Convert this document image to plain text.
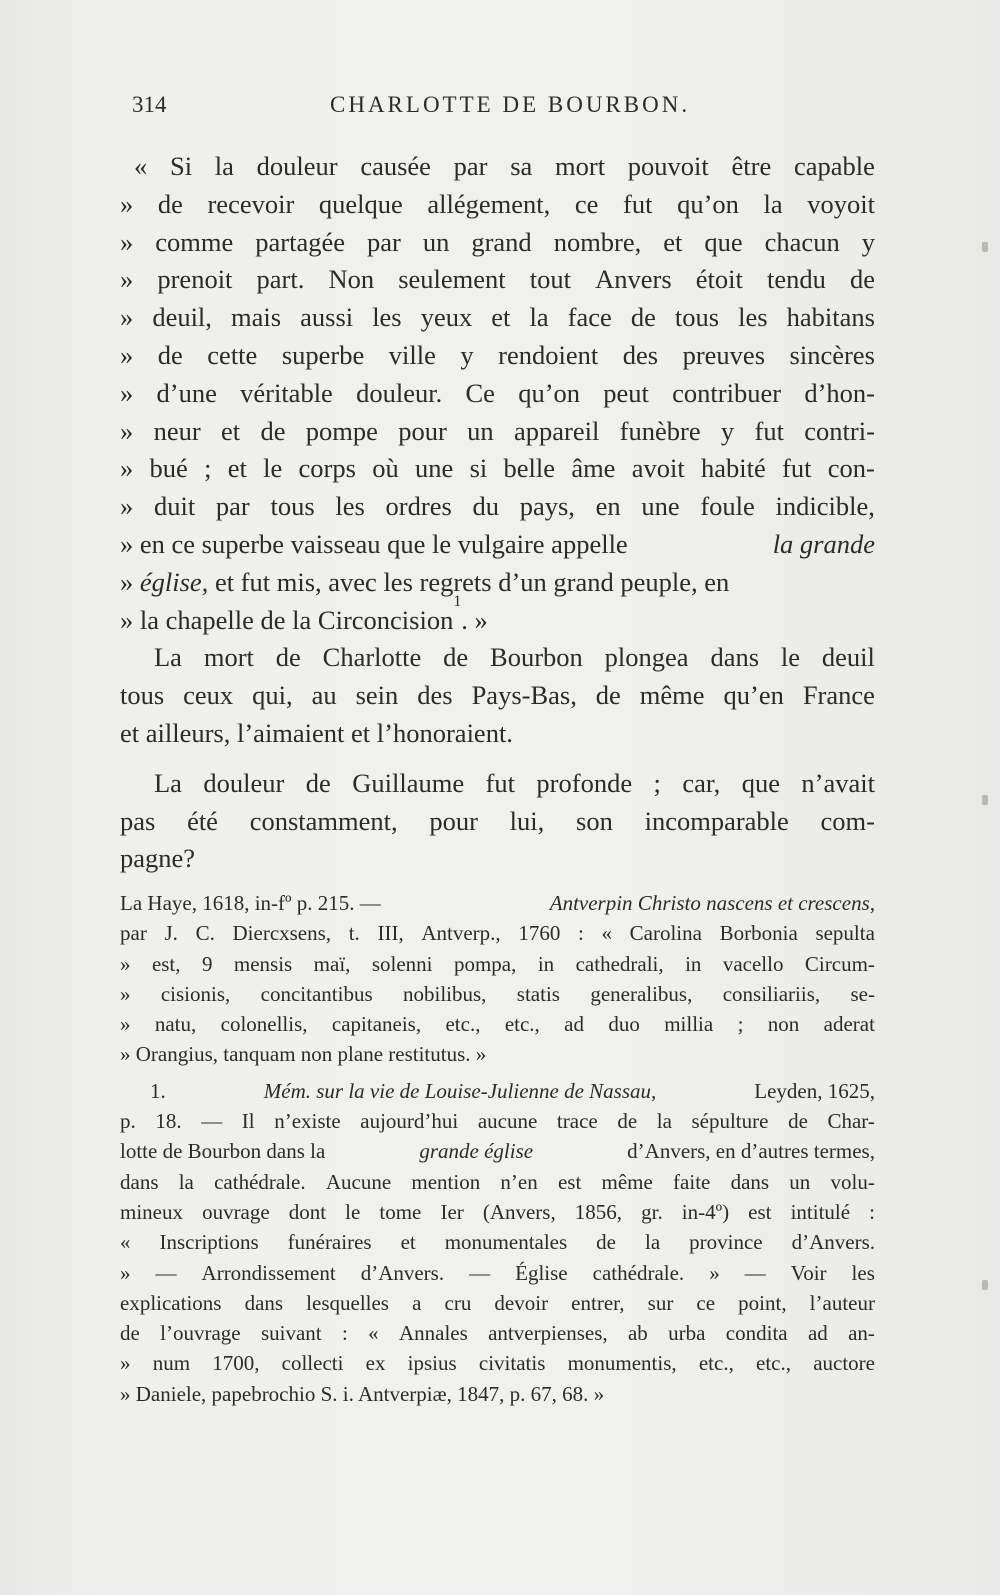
314	CHARLOTTE DE BOURBON.
« Si la douleur causée par sa mort pouvoit être capable
» de recevoir quelque allégement, ce fut qu’on la voyoit
» comme partagée par un grand nombre, et que chacun y
» prenoit part. Non seulement tout Anvers étoit tendu de
» deuil, mais aussi les yeux et la face de tous les habitans
» de cette superbe ville y rendoient des preuves sincères
» d’une véritable douleur. Ce qu’on peut contribuer d’hon-
» neur et de pompe pour un appareil funèbre y fut contri-
» bué ; et le corps où une si belle âme avoit habité fut con-
» duit par tous les ordres du pays, en une foule indicible,
» en ce superbe vaisseau que le vulgaire appelle	la grande
» église, et fut mis, avec les regrets d’un grand peuple, en
» la chapelle de la Circoncision
1
. »
La mort de Charlotte de Bourbon plongea dans le deuil
tous ceux qui, au sein des Pays-Bas, de même qu’en France
et ailleurs, l’aimaient et l’honoraient.
La douleur de Guillaume fut profonde ; car, que n’avait
pas été constamment, pour lui, son incomparable com-
pagne?
La Haye, 1618, in-fº p. 215. —	Antverpin Christo nascens et crescens,
par J. C. Diercxsens, t. III, Antverp., 1760 : « Carolina Borbonia sepulta
» est, 9 mensis maï, solenni pompa, in cathedrali, in vacello Circum-
» cisionis, concitantibus nobilibus, statis generalibus, consiliariis, se-
» natu, colonellis, capitaneis, etc., etc., ad duo millia ; non aderat
» Orangius, tanquam non plane restitutus. »
1.	Mém. sur la vie de Louise-Julienne de Nassau,	Leyden, 1625,
p. 18. — Il n’existe aujourd’hui aucune trace de la sépulture de Char-
lotte de Bourbon dans la	grande église	d’Anvers, en d’autres termes,
dans la cathédrale. Aucune mention n’en est même faite dans un volu-
mineux ouvrage dont le tome Ier (Anvers, 1856, gr. in-4º) est intitulé :
« Inscriptions funéraires et monumentales de la province d’Anvers.
» — Arrondissement d’Anvers. — Église cathédrale. » — Voir les
explications dans lesquelles a cru devoir entrer, sur ce point, l’auteur
de l’ouvrage suivant : « Annales antverpienses, ab urba condita ad an-
» num 1700, collecti ex ipsius civitatis monumentis, etc., etc., auctore
» Daniele, papebrochio S. i. Antverpiæ, 1847, p. 67, 68. »
